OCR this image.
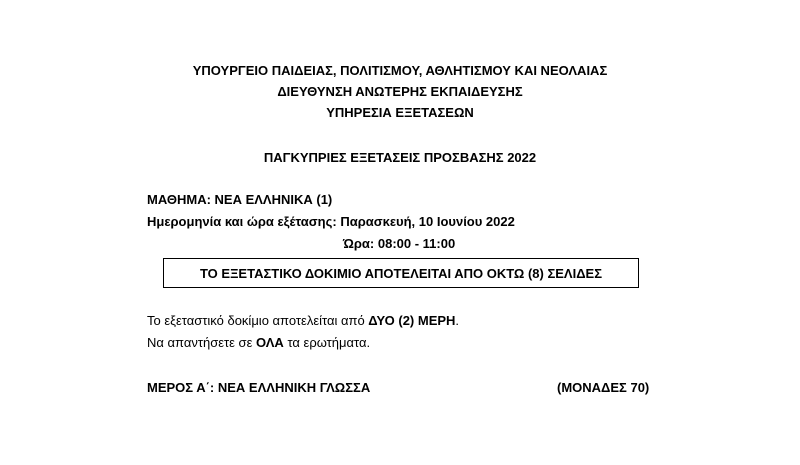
ΥΠΟΥΡΓΕΙΟ ΠΑΙΔΕΙΑΣ, ΠΟΛΙΤΙΣΜΟΥ, ΑΘΛΗΤΙΣΜΟΥ ΚΑΙ ΝΕΟΛΑΙΑΣ
ΔΙΕΥΘΥΝΣΗ ΑΝΩΤΕΡΗΣ ΕΚΠΑΙΔΕΥΣΗΣ
ΥΠΗΡΕΣΙΑ ΕΞΕΤΑΣΕΩΝ
ΠΑΓΚΥΠΡΙΕΣ ΕΞΕΤΑΣΕΙΣ ΠΡΟΣΒΑΣΗΣ 2022
ΜΑΘΗΜΑ: ΝΕΑ ΕΛΛΗΝΙΚΑ (1)
Ημερομηνία και ώρα εξέτασης: Παρασκευή, 10 Ιουνίου 2022
Ώρα: 08:00 - 11:00
ΤΟ ΕΞΕΤΑΣΤΙΚΟ ΔΟΚΙΜΙΟ ΑΠΟΤΕΛΕΙΤΑΙ ΑΠΟ ΟΚΤΩ (8) ΣΕΛΙΔΕΣ
Το εξεταστικό δοκίμιο αποτελείται από ΔΥΟ (2) ΜΕΡΗ.
Να απαντήσετε σε ΟΛΑ τα ερωτήματα.
ΜΕΡΟΣ Α΄: ΝΕΑ ΕΛΛΗΝΙΚΗ ΓΛΩΣΣΑ	(ΜΟΝΑΔΕΣ 70)
